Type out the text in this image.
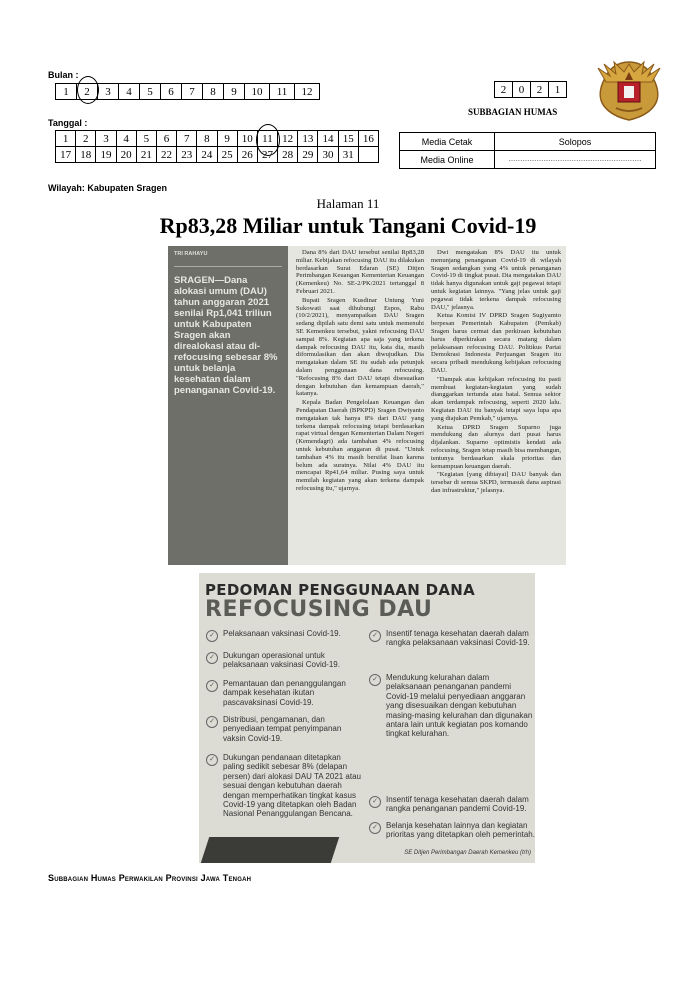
Bulan :
1	2	3	4	5	6	7	8	9	10	11	12
Tanggal :
1	2	3	4	5	6	7	8	9	10	11	12	13	14	15	16
17	18	19	20	21	22	23	24	25	26	27	28	29	30	31	
2	0	2	1
SUBBAGIAN HUMAS
Media Cetak	Solopos
Media Online	…………………………………………………
Wilayah: Kabupaten Sragen
Halaman 11
Rp83,28 Miliar untuk Tangani Covid-19
TRI RAHAYU
SRAGEN—Dana alokasi umum (DAU) tahun anggaran 2021 senilai Rp1,041 triliun untuk Kabupaten Sragen akan direalokasi atau di-refocusing sebesar 8% untuk belanja kesehatan dalam penanganan Covid-19.

Dana 8% dari DAU tersebut senilai Rp83,28 miliar. Kebijakan refocusing DAU itu dilakukan berdasarkan Surat Edaran (SE) Ditjen Perimbangan Keuangan Kementerian Keuangan (Kemenkeu) No. SE-2/PK/2021 tertanggal 8 Februari 2021.

Bupati Sragen Kusdinar Untung Yuni Sukowati saat dihubungi Espos, Rabu (10/2/2021), menyampaikan DAU Sragen sedang dipilah satu demi satu untuk memenuhi SE Kemenkeu tersebut, yakni refocusing DAU sampai 8%. Kegiatan apa saja yang terkena dampak refocusing DAU itu, kata dia, masih diformulasikan dan akan diwujudkan. Dia mengatakan dalam SE itu sudah ada petunjuk dalam penggunaan dana refocusing. "Refocusing 8% dari DAU tetapi disesuaikan dengan kebutuhan dan kemampuan daerah," katanya.

Kepala Badan Pengelolaan Keuangan dan Pendapatan Daerah (BPKPD) Sragen Dwiyanto mengatakan tak hanya 8% dari DAU yang terkena dampak refocusing tetapi berdasarkan rapat virtual dengan Kementerian Dalam Negeri (Kemendagri) ada tambahan 4% refocusing untuk kebutuhan anggaran di pusat. "Untuk tambahan 4% itu masih bersifat lisan karena belum ada suratnya. Nilai 4% DAU itu mencapai Rp41,64 miliar. Pusing saya untuk memilah kegiatan yang akan terkena dampak refocusing itu," ujarnya.

Dwi mengatakan 8% DAU itu untuk menunjang penanganan Covid-19 di wilayah Sragen sedangkan yang 4% untuk penanganan Covid-19 di tingkat pusat. Dia mengatakan DAU tidak hanya digunakan untuk gaji pegawai tetapi untuk kegiatan lainnya. "Yang jelas untuk gaji pegawai tidak terkena dampak refocusing DAU," jelasnya.

Ketua Komisi IV DPRD Sragen Sugiyamto berpesan Pemerintah Kabupaten (Pemkab) Sragen harus cermat dan perkiraan kebutuhan harus diperkirakan secara matang dalam pelaksanaan refocusing DAU. Politikus Partai Demokrasi Indonesia Perjuangan Sragen itu secara pribadi mendukung kebijakan refocusing DAU.

"Dampak atas kebijakan refocusing itu pasti membuat kegiatan-kegiatan yang sudah dianggarkan tertunda atau batal. Semua sektor akan terdampak refocusing, seperti 2020 lalu. Kegiatan DAU itu banyak tetapi saya lupa apa yang diajukan Pemkab," ujarnya.

Ketua DPRD Sragen Suparno juga mendukung dan alurnya dari pusat harus dijalankan. Suparno optimistis kendati ada refocusing, Sragen tetap masih bisa membangun, tentunya berdasarkan skala prioritas dan kemampuan keuangan daerah.

"Kegiatan [yang dibiayai] DAU banyak dan tersebar di semua SKPD, termasuk dana aspirasi dan infrastruktur," jelasnya.

PEDOMAN PENGGUNAAN DANA
REFOCUSING DAU
✓	Pelaksanaan vaksinasi Covid-19.
✓	Dukungan operasional untuk pelaksanaan vaksinasi Covid-19.
✓	Pemantauan dan penanggulangan dampak kesehatan ikutan pascavaksinasi Covid-19.
✓	Distribusi, pengamanan, dan penyediaan tempat penyimpanan vaksin Covid-19.
✓	Dukungan pendanaan ditetapkan paling sedikit sebesar 8% (delapan persen) dari alokasi DAU TA 2021 atau sesuai dengan kebutuhan daerah dengan memperhatikan tingkat kasus Covid-19 yang ditetapkan oleh Badan Nasional Penanggulangan Bencana.
✓	Insentif tenaga kesehatan daerah dalam rangka pelaksanaan vaksinasi Covid-19.
✓	Mendukung kelurahan dalam pelaksanaan penanganan pandemi Covid-19 melalui penyediaan anggaran yang disesuaikan dengan kebutuhan masing-masing kelurahan dan digunakan antara lain untuk kegiatan pos komando tingkat kelurahan.
✓	Insentif tenaga kesehatan daerah dalam rangka penanganan pandemi Covid-19.
✓	Belanja kesehatan lainnya dan kegiatan prioritas yang ditetapkan oleh pemerintah.
SE Ditjen Perimbangan Daerah Kemenkeu (trh)
Subbagian Humas Perwakilan Provinsi Jawa Tengah
